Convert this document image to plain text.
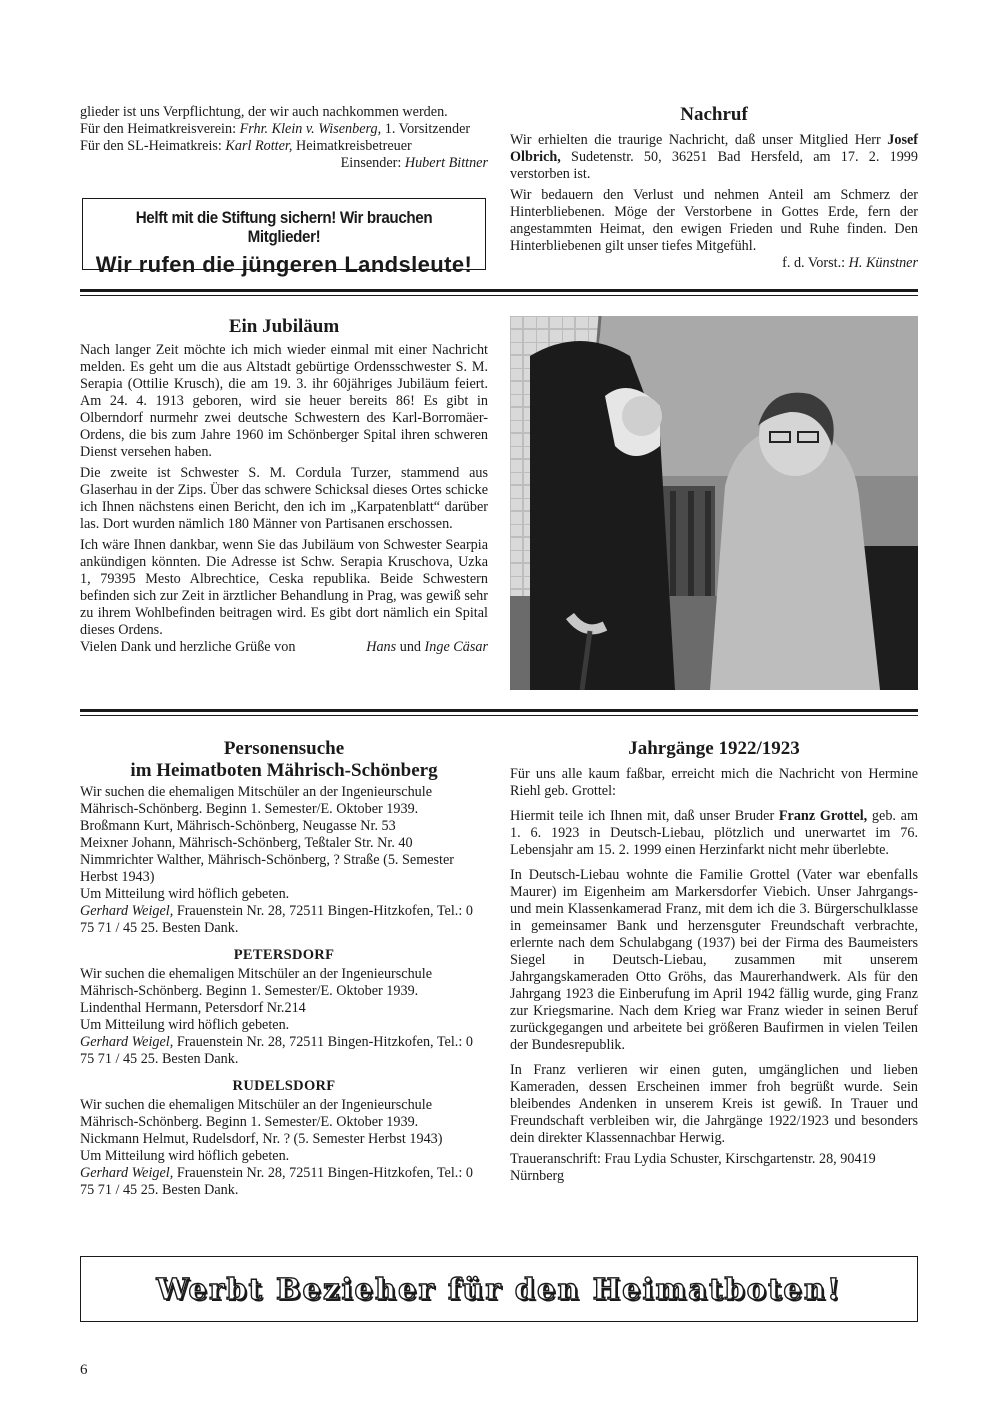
glieder ist uns Verpflichtung, der wir auch nachkommen werden.

Für den Heimatkreisverein: Frhr. Klein v. Wisenberg, 1. Vorsitzender

Für den SL-Heimatkreis: Karl Rotter, Heimatkreisbetreuer

Einsender: Hubert Bittner

Helft mit die Stiftung sichern! Wir brauchen Mitglieder!
Wir rufen die jüngeren Landsleute!
Nachruf

Wir erhielten die traurige Nachricht, daß unser Mitglied Herr Josef Olbrich, Sudetenstr. 50, 36251 Bad Hersfeld, am 17. 2. 1999 verstorben ist.

Wir bedauern den Verlust und nehmen Anteil am Schmerz der Hinterbliebenen. Möge der Verstorbene in Gottes Erde, fern der angestammten Heimat, den ewigen Frieden und Ruhe finden. Den Hinterbliebenen gilt unser tiefes Mitgefühl.

f. d. Vorst.: H. Künstner

Ein Jubiläum

Nach langer Zeit möchte ich mich wieder einmal mit einer Nachricht melden. Es geht um die aus Altstadt gebürtige Ordensschwester S. M. Serapia (Ottilie Krusch), die am 19. 3. ihr 60jähriges Jubiläum feiert. Am 24. 4. 1913 geboren, wird sie heuer bereits 86! Es gibt in Olberndorf nurmehr zwei deutsche Schwestern des Karl-Borromäer-Ordens, die bis zum Jahre 1960 im Schönberger Spital ihren schweren Dienst versehen haben.

Die zweite ist Schwester S. M. Cordula Turzer, stammend aus Glaserhau in der Zips. Über das schwere Schicksal dieses Ortes schicke ich Ihnen nächstens einen Bericht, den ich im „Karpatenblatt“ darüber las. Dort wurden nämlich 180 Männer von Partisanen erschossen.

Ich wäre Ihnen dankbar, wenn Sie das Jubiläum von Schwester Searpia ankündigen könnten. Die Adresse ist Schw. Serapia Kruschova, Uzka 1, 79395 Mesto Albrechtice, Ceska republika. Beide Schwestern befinden sich zur Zeit in ärztlicher Behandlung in Prag, was gewiß sehr zu ihrem Wohlbefinden beitragen wird. Es gibt dort nämlich ein Spital dieses Ordens.

Vielen Dank und herzliche Grüße von	Hans und Inge Cäsar

Personensuche
im Heimatboten Mährisch-Schönberg

Wir suchen die ehemaligen Mitschüler an der Ingenieurschule Mährisch-Schönberg. Beginn 1. Semester/E. Oktober 1939.

Broßmann Kurt, Mährisch-Schönberg, Neugasse Nr. 53

Meixner Johann, Mährisch-Schönberg, Teßtaler Str. Nr. 40

Nimmrichter Walther, Mährisch-Schönberg, ? Straße (5. Semester Herbst 1943)

Um Mitteilung wird höflich gebeten.

Gerhard Weigel, Frauenstein Nr. 28, 72511 Bingen-Hitzkofen, Tel.: 0 75 71 / 45 25. Besten Dank.

PETERSDORF

Wir suchen die ehemaligen Mitschüler an der Ingenieurschule Mährisch-Schönberg. Beginn 1. Semester/E. Oktober 1939.

Lindenthal Hermann, Petersdorf Nr.214

Um Mitteilung wird höflich gebeten.

Gerhard Weigel, Frauenstein Nr. 28, 72511 Bingen-Hitzkofen, Tel.: 0 75 71 / 45 25. Besten Dank.

RUDELSDORF

Wir suchen die ehemaligen Mitschüler an der Ingenieurschule Mährisch-Schönberg. Beginn 1. Semester/E. Oktober 1939.

Nickmann Helmut, Rudelsdorf, Nr. ? (5. Semester Herbst 1943)

Um Mitteilung wird höflich gebeten.

Gerhard Weigel, Frauenstein Nr. 28, 72511 Bingen-Hitzkofen, Tel.: 0 75 71 / 45 25. Besten Dank.

Jahrgänge 1922/1923

Für uns alle kaum faßbar, erreicht mich die Nachricht von Hermine Riehl geb. Grottel:

Hiermit teile ich Ihnen mit, daß unser Bruder Franz Grottel, geb. am 1. 6. 1923 in Deutsch-Liebau, plötzlich und unerwartet im 76. Lebensjahr am 15. 2. 1999 einen Herzinfarkt nicht mehr überlebte.

In Deutsch-Liebau wohnte die Familie Grottel (Vater war ebenfalls Maurer) im Eigenheim am Markersdorfer Viebich. Unser Jahrgangs- und mein Klassenkamerad Franz, mit dem ich die 3. Bürgerschulklasse in gemeinsamer Bank und herzensguter Freundschaft verbrachte, erlernte nach dem Schulabgang (1937) bei der Firma des Baumeisters Siegel in Deutsch-Liebau, zusammen mit unserem Jahrgangskameraden Otto Gröhs, das Maurerhandwerk. Als für den Jahrgang 1923 die Einberufung im April 1942 fällig wurde, ging Franz zur Kriegsmarine. Nach dem Krieg war Franz wieder in seinen Beruf zurückgegangen und arbeitete bei größeren Baufirmen in vielen Teilen der Bundesrepublik.

In Franz verlieren wir einen guten, umgänglichen und lieben Kameraden, dessen Erscheinen immer froh begrüßt wurde. Sein bleibendes Andenken in unserem Kreis ist gewiß. In Trauer und Freundschaft verbleiben wir, die Jahrgänge 1922/1923 und besonders dein direkter Klassennachbar Herwig.

Traueranschrift: Frau Lydia Schuster, Kirschgartenstr. 28, 90419 Nürnberg

Werbt Bezieher für den Heimatboten!
6
